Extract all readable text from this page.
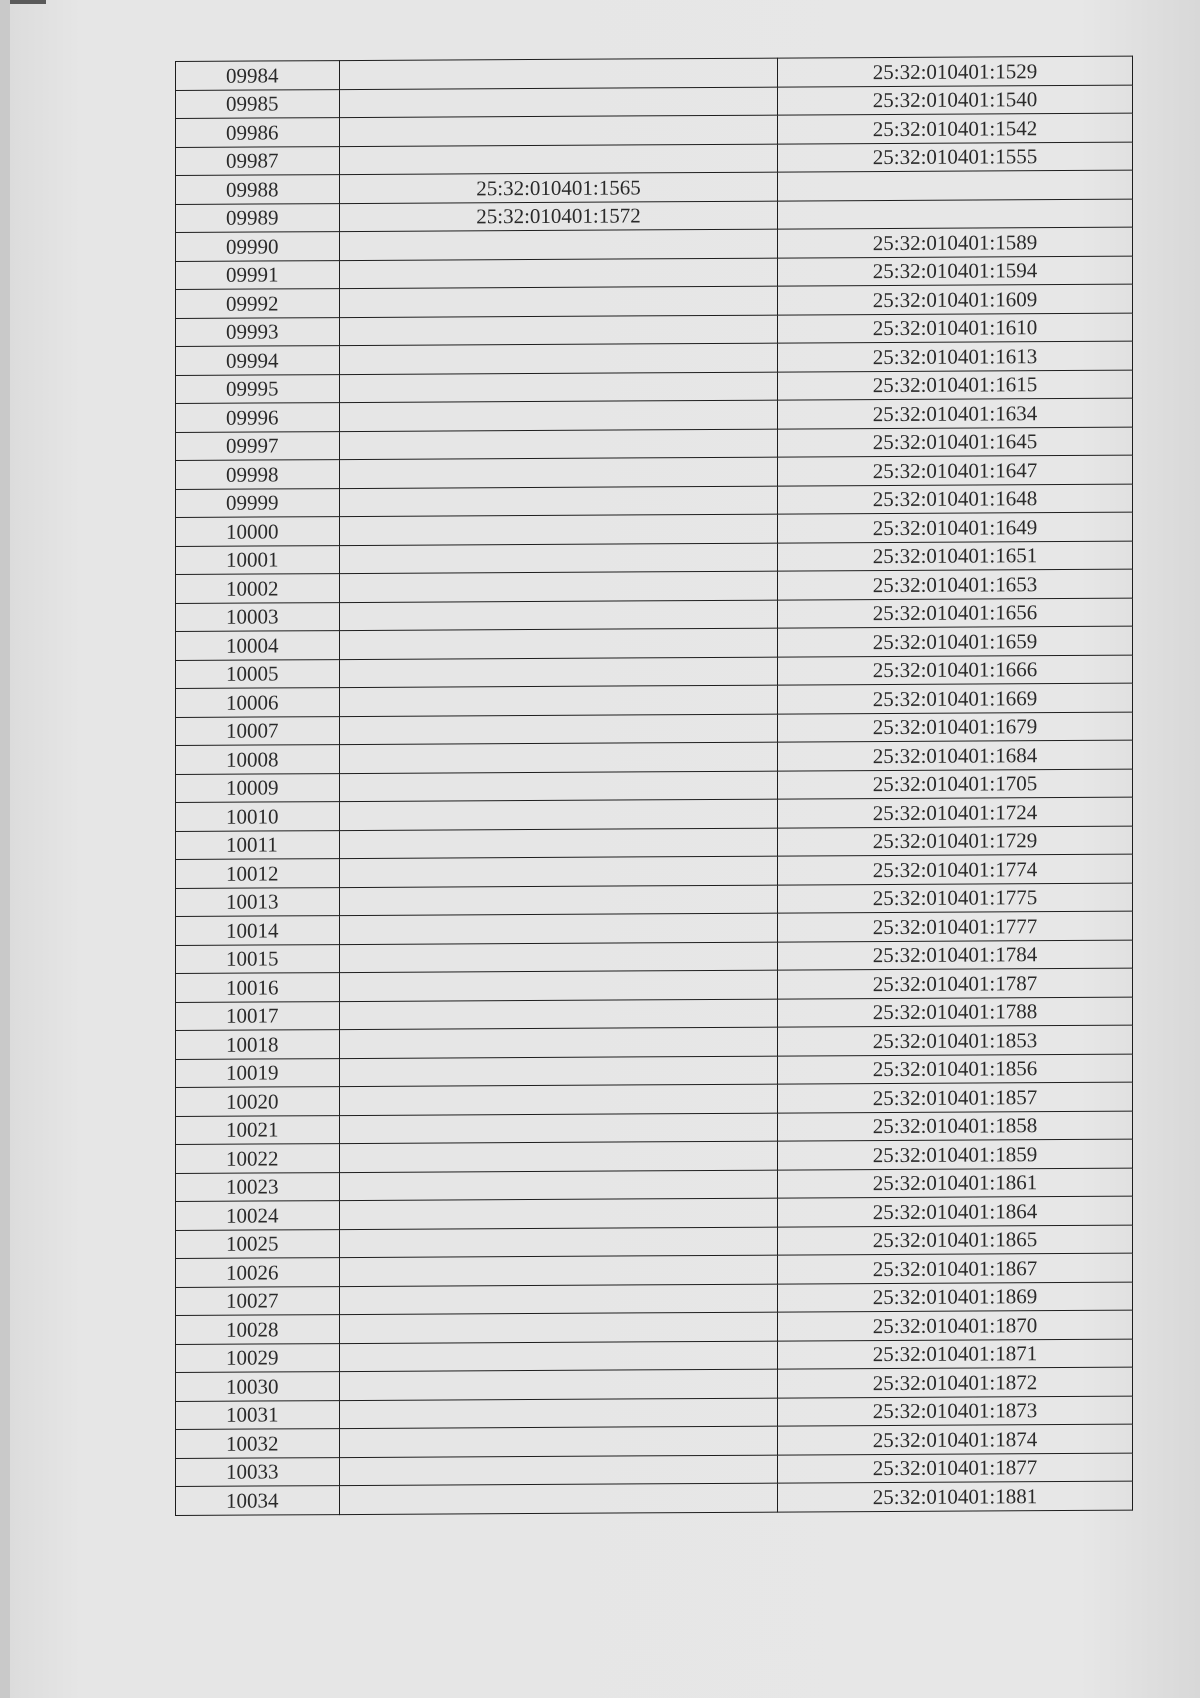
09984		25:32:010401:1529
09985		25:32:010401:1540
09986		25:32:010401:1542
09987		25:32:010401:1555
09988	25:32:010401:1565	
09989	25:32:010401:1572	
09990		25:32:010401:1589
09991		25:32:010401:1594
09992		25:32:010401:1609
09993		25:32:010401:1610
09994		25:32:010401:1613
09995		25:32:010401:1615
09996		25:32:010401:1634
09997		25:32:010401:1645
09998		25:32:010401:1647
09999		25:32:010401:1648
10000		25:32:010401:1649
10001		25:32:010401:1651
10002		25:32:010401:1653
10003		25:32:010401:1656
10004		25:32:010401:1659
10005		25:32:010401:1666
10006		25:32:010401:1669
10007		25:32:010401:1679
10008		25:32:010401:1684
10009		25:32:010401:1705
10010		25:32:010401:1724
10011		25:32:010401:1729
10012		25:32:010401:1774
10013		25:32:010401:1775
10014		25:32:010401:1777
10015		25:32:010401:1784
10016		25:32:010401:1787
10017		25:32:010401:1788
10018		25:32:010401:1853
10019		25:32:010401:1856
10020		25:32:010401:1857
10021		25:32:010401:1858
10022		25:32:010401:1859
10023		25:32:010401:1861
10024		25:32:010401:1864
10025		25:32:010401:1865
10026		25:32:010401:1867
10027		25:32:010401:1869
10028		25:32:010401:1870
10029		25:32:010401:1871
10030		25:32:010401:1872
10031		25:32:010401:1873
10032		25:32:010401:1874
10033		25:32:010401:1877
10034		25:32:010401:1881
